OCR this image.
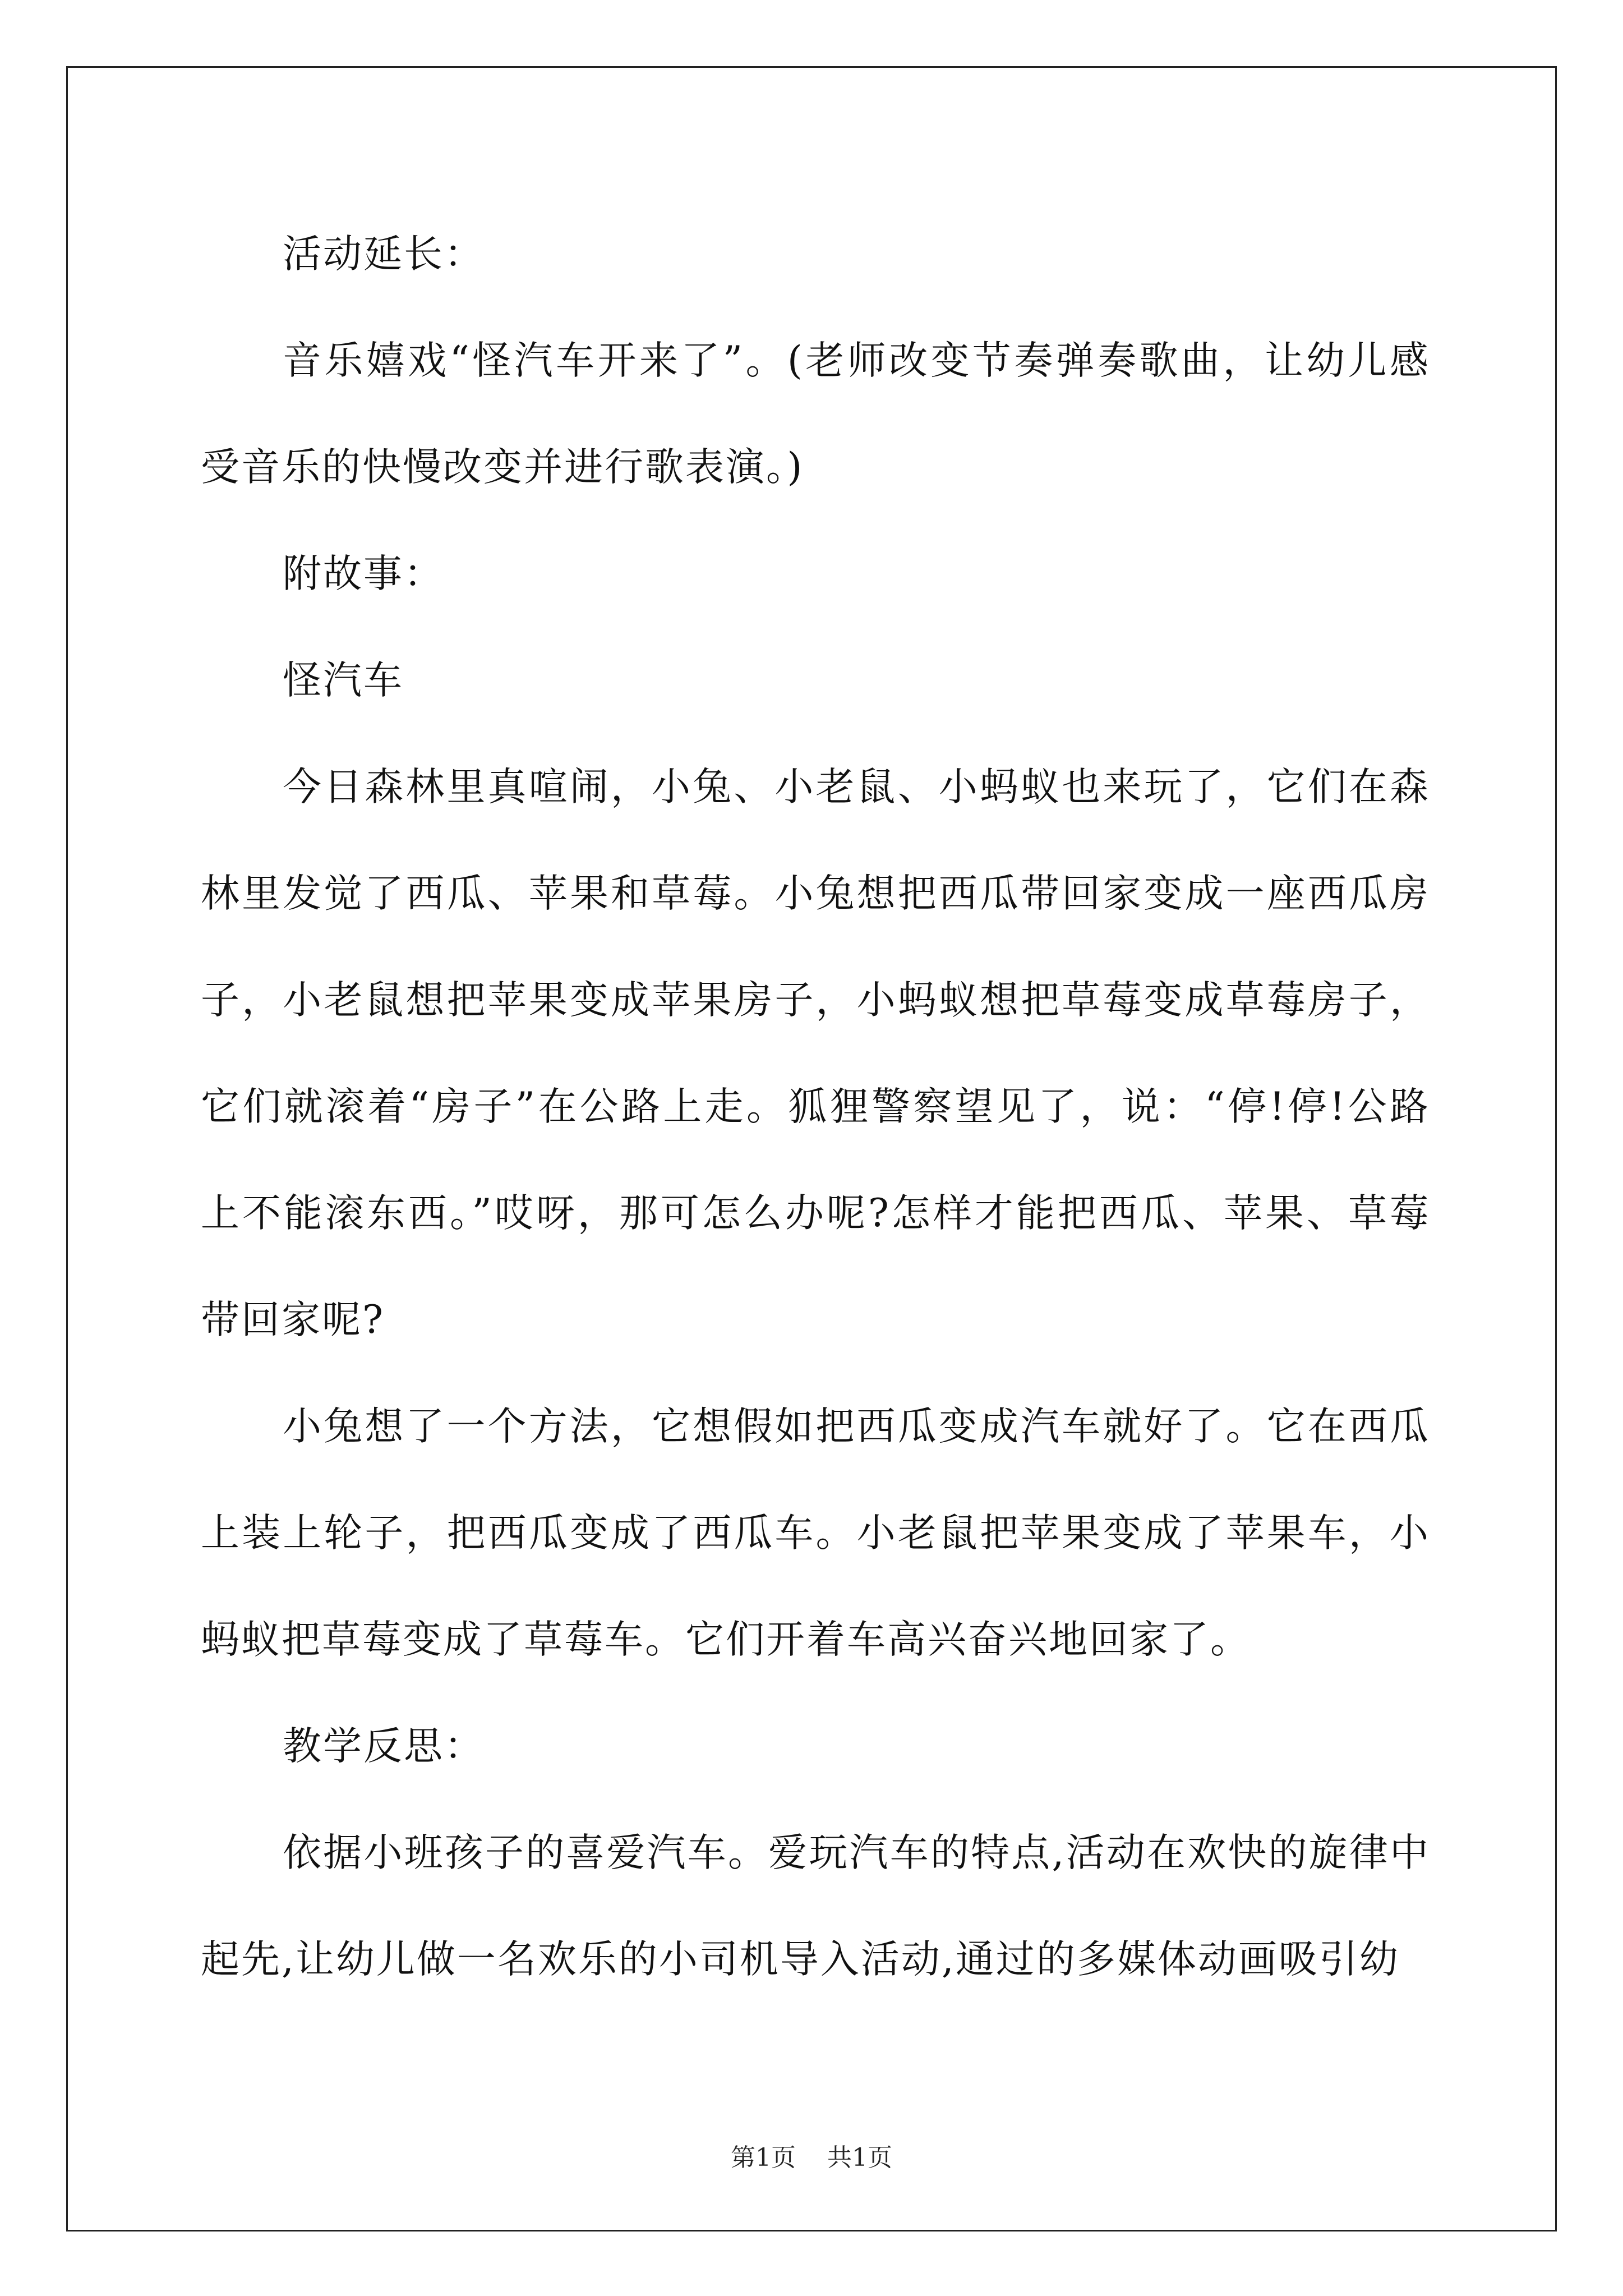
活动延长：

音乐嬉戏“怪汽车开来了”。(老师改变节奏弹奏歌曲，让幼儿感受音乐的快慢改变并进行歌表演。)

附故事：

怪汽车

今日森林里真喧闹，小兔、小老鼠、小蚂蚁也来玩了，它们在森林里发觉了西瓜、苹果和草莓。小兔想把西瓜带回家变成一座西瓜房子，小老鼠想把苹果变成苹果房子，小蚂蚁想把草莓变成草莓房子，它们就滚着“房子”在公路上走。狐狸警察望见了，说：“停!停!公路上不能滚东西。”哎呀，那可怎么办呢?怎样才能把西瓜、苹果、草莓带回家呢?

小兔想了一个方法，它想假如把西瓜变成汽车就好了。它在西瓜上装上轮子，把西瓜变成了西瓜车。小老鼠把苹果变成了苹果车，小蚂蚁把草莓变成了草莓车。它们开着车高兴奋兴地回家了。

教学反思：

依据小班孩子的喜爱汽车。爱玩汽车的特点,活动在欢快的旋律中起先,让幼儿做一名欢乐的小司机导入活动,通过的多媒体动画吸引幼

第1页 共1页
